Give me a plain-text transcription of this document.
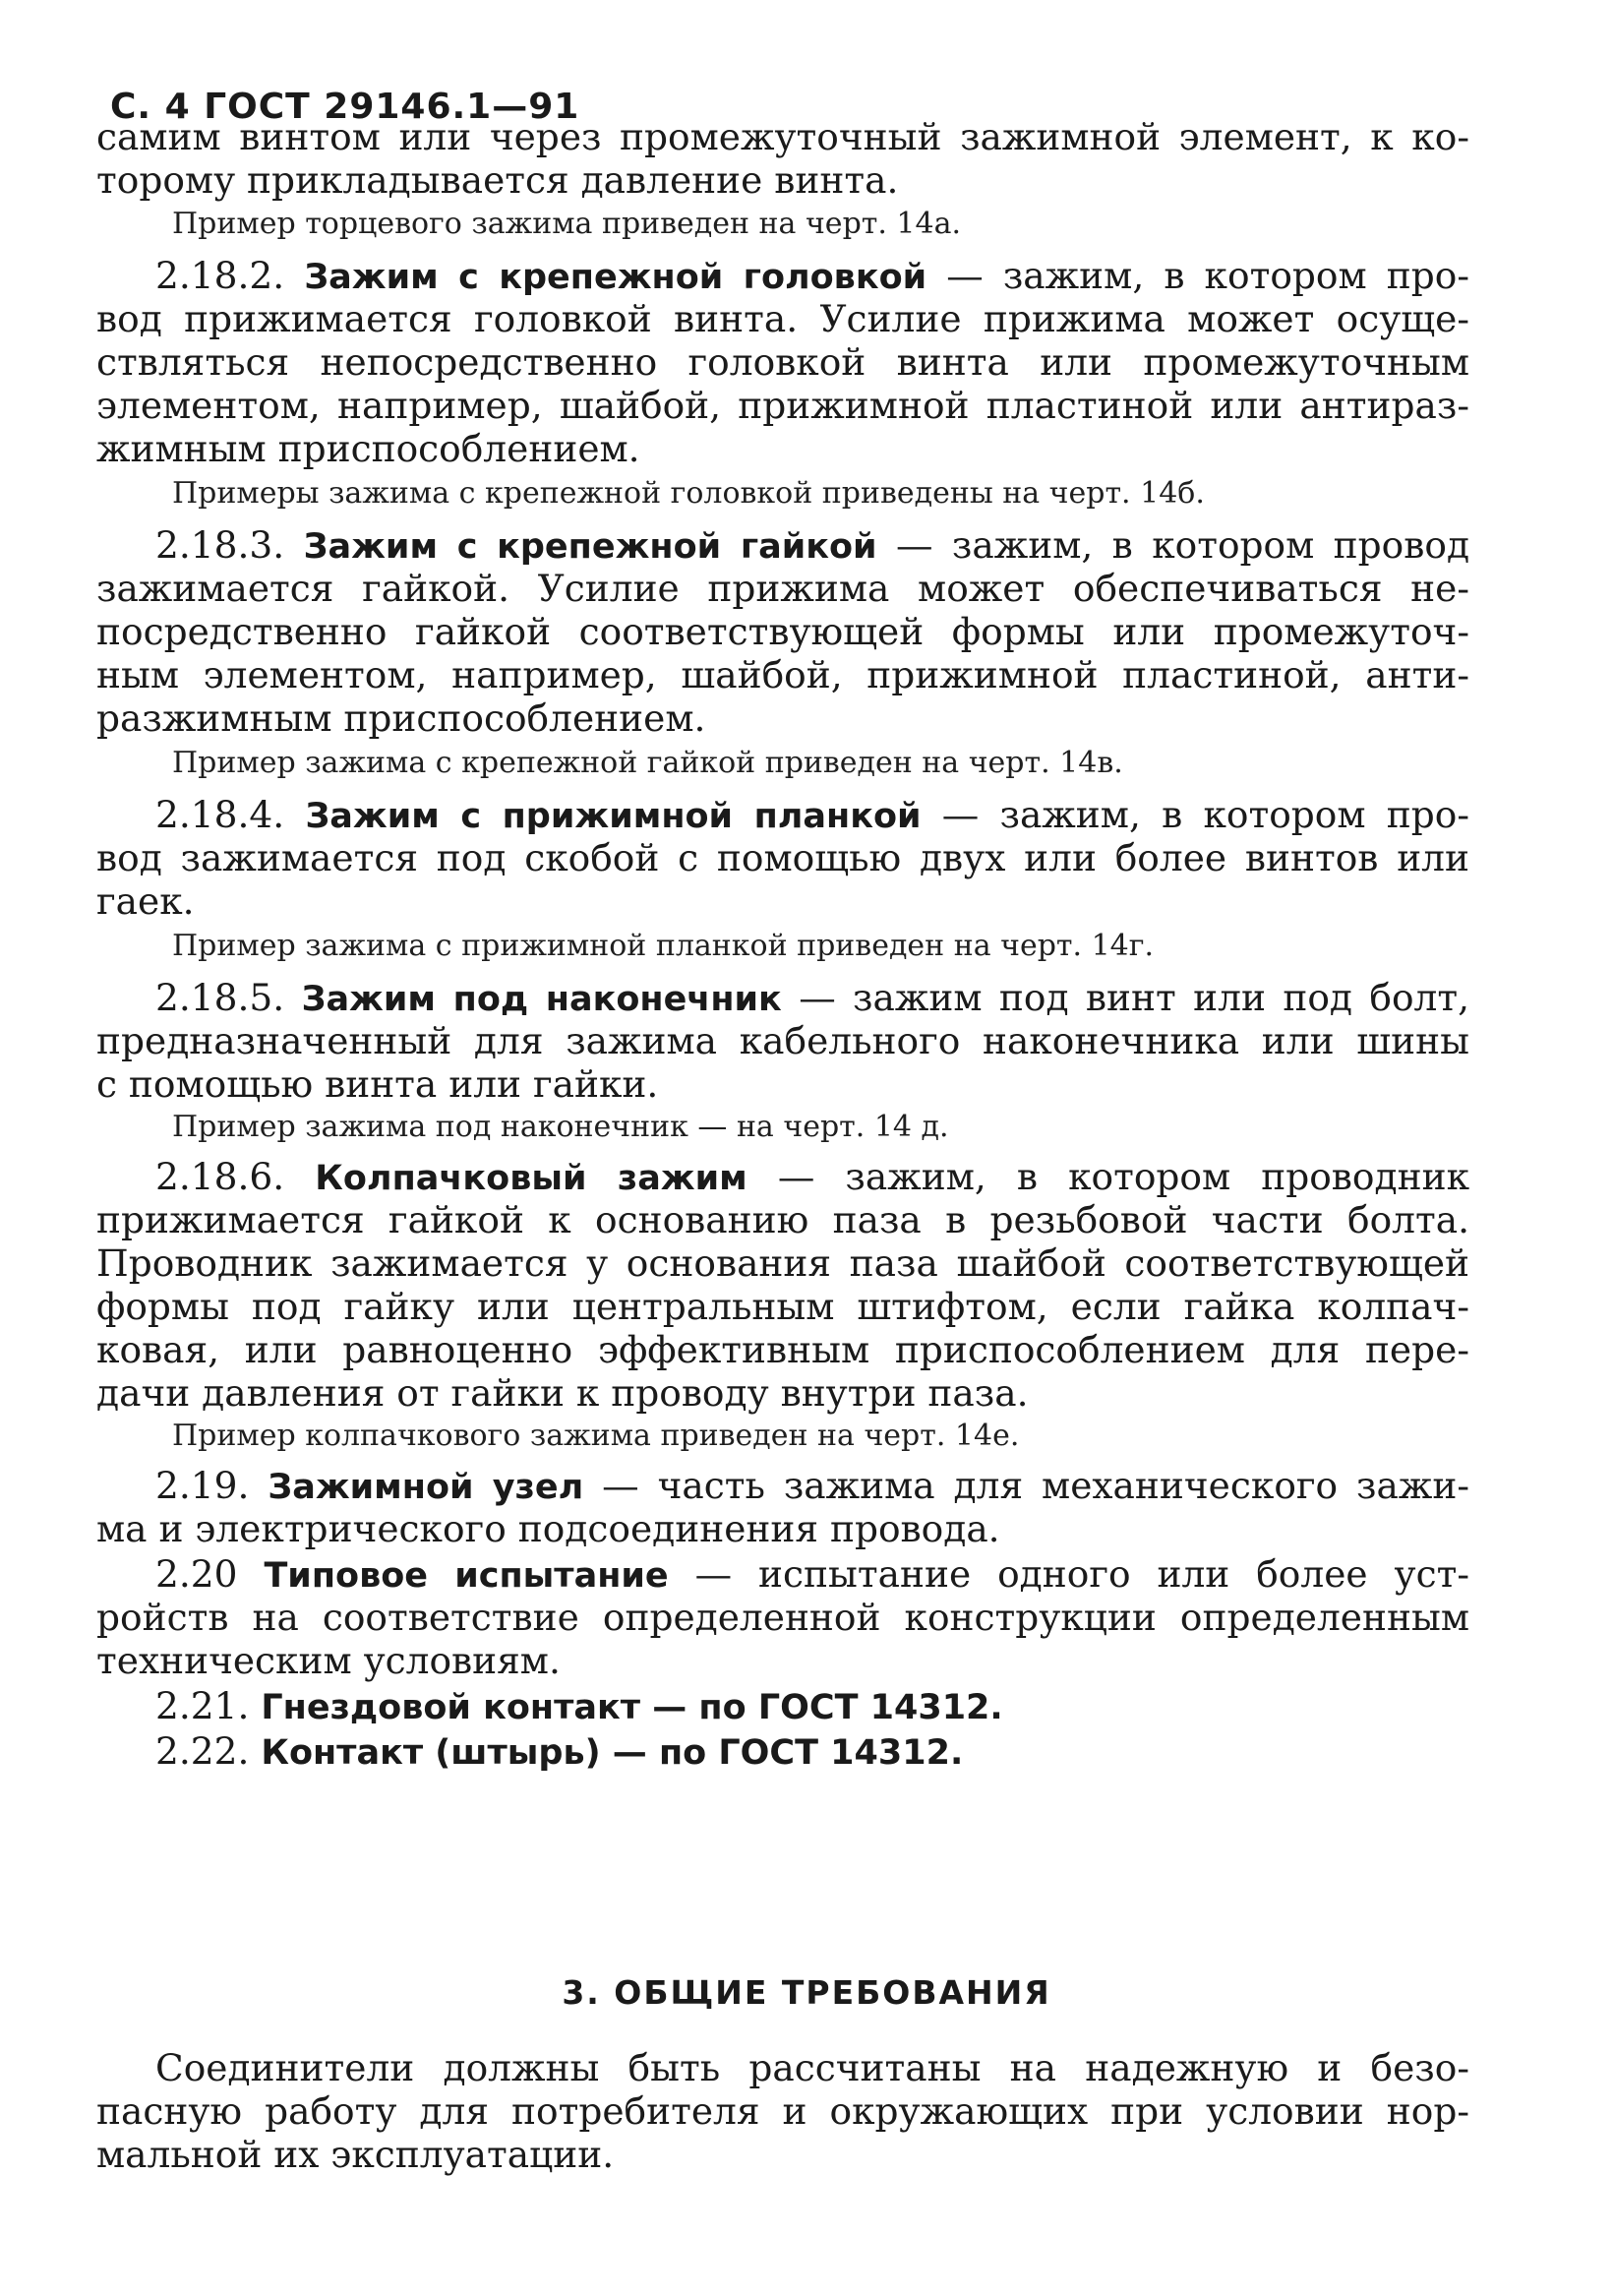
С. 4 ГОСТ 29146.1—91
самим винтом или через промежуточный зажимной элемент, к ко-
торому прикладывается давление винта.
Пример торцевого зажима приведен на черт. 14а.
2.18.2. Зажим с крепежной головкой — зажим, в котором про-
вод прижимается головкой винта. Усилие прижима может осуще-
ствляться непосредственно головкой винта или промежуточным
элементом, например, шайбой, прижимной пластиной или антираз-
жимным приспособлением.
Примеры зажима с крепежной головкой приведены на черт. 14б.
2.18.3. Зажим с крепежной гайкой — зажим, в котором провод
зажимается гайкой. Усилие прижима может обеспечиваться не-
посредственно гайкой соответствующей формы или промежуточ-
ным элементом, например, шайбой, прижимной пластиной, анти-
разжимным приспособлением.
Пример зажима с крепежной гайкой приведен на черт. 14в.
2.18.4. Зажим с прижимной планкой — зажим, в котором про-
вод зажимается под скобой с помощью двух или более винтов или
гаек.
Пример зажима с прижимной планкой приведен на черт. 14г.
2.18.5. Зажим под наконечник — зажим под винт или под болт,
предназначенный для зажима кабельного наконечника или шины
с помощью винта или гайки.
Пример зажима под наконечник — на черт. 14 д.
2.18.6. Колпачковый зажим — зажим, в котором проводник
прижимается гайкой к основанию паза в резьбовой части болта.
Проводник зажимается у основания паза шайбой соответствующей
формы под гайку или центральным штифтом, если гайка колпач-
ковая, или равноценно эффективным приспособлением для пере-
дачи давления от гайки к проводу внутри паза.
Пример колпачкового зажима приведен на черт. 14е.
2.19. Зажимной узел — часть зажима для механического зажи-
ма и электрического подсоединения провода.
2.20 Типовое испытание — испытание одного или более уст-
ройств на соответствие определенной конструкции определенным
техническим условиям.
2.21. Гнездовой контакт — по ГОСТ 14312.
2.22. Контакт (штырь) — по ГОСТ 14312.
3. ОБЩИЕ ТРЕБОВАНИЯ
Соединители должны быть рассчитаны на надежную и безо-
пасную работу для потребителя и окружающих при условии нор-
мальной их эксплуатации.
